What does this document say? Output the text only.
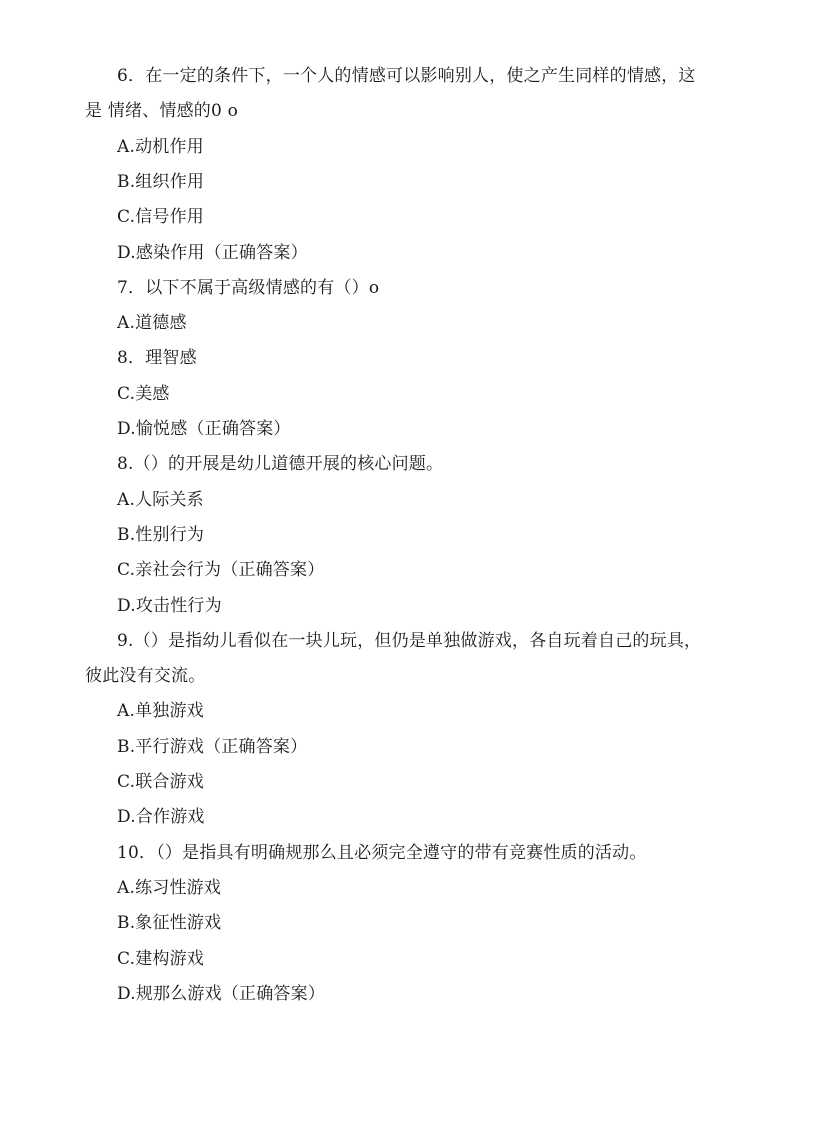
6．在一定的条件下，一个人的情感可以影响别人，使之产生同样的情感，这
是 情绪、情感的0 o
A.动机作用
B.组织作用
C.信号作用
D.感染作用（正确答案）
7．以下不属于高级情感的有（）o
A.道德感
8．理智感
C.美感
D.愉悦感（正确答案）
8.（）的开展是幼儿道德开展的核心问题。
A.人际关系
B.性别行为
C.亲社会行为（正确答案）
D.攻击性行为
9.（）是指幼儿看似在一块儿玩，但仍是单独做游戏，各自玩着自己的玩具，
彼此没有交流。
A.单独游戏
B.平行游戏（正确答案）
C.联合游戏
D.合作游戏
10．（）是指具有明确规那么且必须完全遵守的带有竞赛性质的活动。
A.练习性游戏
B.象征性游戏
C.建构游戏
D.规那么游戏（正确答案）
